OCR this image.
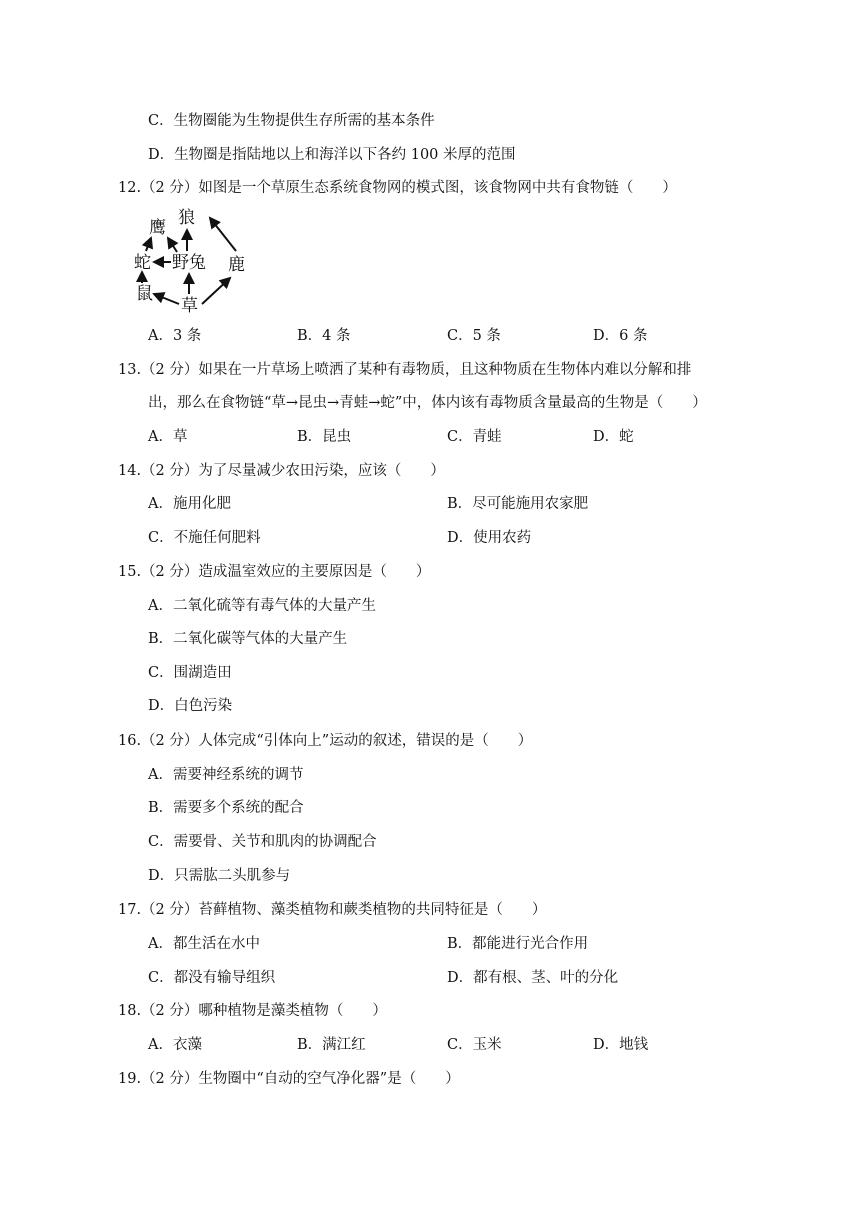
C．生物圈能为生物提供生存所需的基本条件
D．生物圈是指陆地以上和海洋以下各约 100 米厚的范围
12.（2 分）如图是一个草原生态系统食物网的模式图，该食物网中共有食物链（　　）
鹰 狼
蛇 野兔 鹿
鼠
草
A．3 条	B．4 条	C．5 条	D．6 条
13.（2 分）如果在一片草场上喷洒了某种有毒物质，且这种物质在生物体内难以分解和排
出，那么在食物链“草→昆虫→青蛙→蛇”中，体内该有毒物质含量最高的生物是（　　）
A．草	B．昆虫	C．青蛙	D．蛇
14.（2 分）为了尽量减少农田污染，应该（　　）
A．施用化肥	B．尽可能施用农家肥
C．不施任何肥料	D．使用农药
15.（2 分）造成温室效应的主要原因是（　　）
A．二氧化硫等有毒气体的大量产生
B．二氧化碳等气体的大量产生
C．围湖造田
D．白色污染
16.（2 分）人体完成“引体向上”运动的叙述，错误的是（　　）
A．需要神经系统的调节
B．需要多个系统的配合
C．需要骨、关节和肌肉的协调配合
D．只需肱二头肌参与
17.（2 分）苔藓植物、藻类植物和蕨类植物的共同特征是（　　）
A．都生活在水中	B．都能进行光合作用
C．都没有输导组织	D．都有根、茎、叶的分化
18.（2 分）哪种植物是藻类植物（　　）
A．衣藻	B．满江红	C．玉米	D．地钱
19.（2 分）生物圈中“自动的空气净化器”是（　　）
